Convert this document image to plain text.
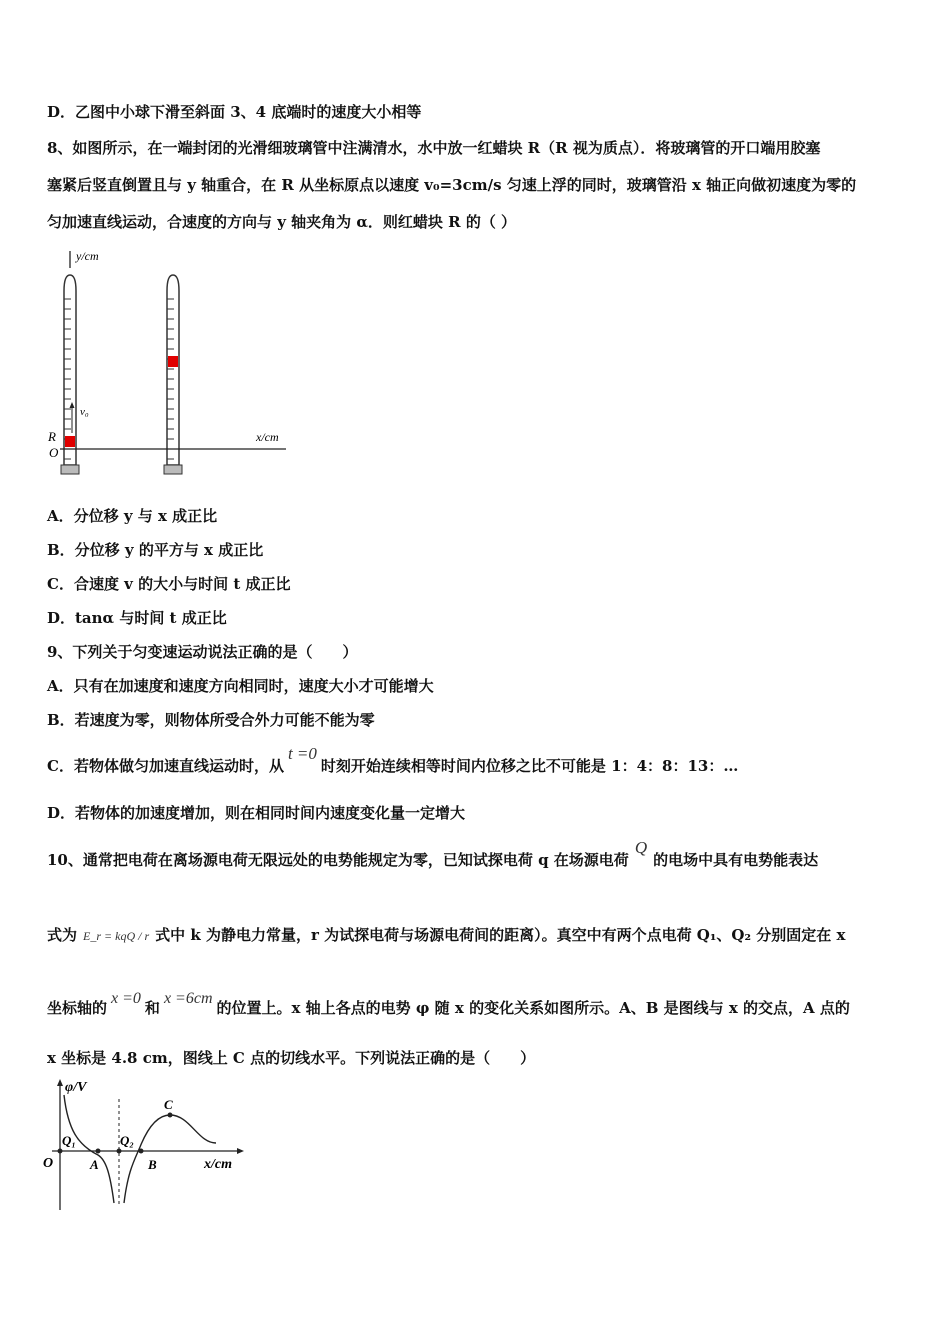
D．乙图中小球下滑至斜面 3、4 底端时的速度大小相等
8、如图所示，在一端封闭的光滑细玻璃管中注满清水，水中放一红蜡块 R（R 视为质点）．将玻璃管的开口端用胶塞
塞紧后竖直倒置且与 y 轴重合，在 R 从坐标原点以速度 v₀=3cm/s 匀速上浮的同时，玻璃管沿 x 轴正向做初速度为零的
匀加速直线运动，合速度的方向与 y 轴夹角为 α．则红蜡块 R 的（ ）
y/cm
v₀
R
O
x/cm
A．分位移 y 与 x 成正比
B．分位移 y 的平方与 x 成正比
C．合速度 v 的大小与时间 t 成正比
D．tanα 与时间 t 成正比
9、下列关于匀变速运动说法正确的是（　　）
A．只有在加速度和速度方向相同时，速度大小才可能增大
B．若速度为零，则物体所受合外力可能不能为零
C．若物体做匀加速直线运动时，从t =0时刻开始连续相等时间内位移之比不可能是 1：4：8：13：…
D．若物体的加速度增加，则在相同时间内速度变化量一定增大
10、通常把电荷在离场源电荷无限远处的电势能规定为零，已知试探电荷 q 在场源电荷Q的电场中具有电势能表达
式为 E_r = kqQ / r 式中 k 为静电力常量，r 为试探电荷与场源电荷间的距离）。真空中有两个点电荷 Q₁、Q₂ 分别固定在 x
坐标轴的x =0和x =6cm的位置上。x 轴上各点的电势 φ 随 x 的变化关系如图所示。A、B 是图线与 x 的交点，A 点的
x 坐标是 4.8 cm，图线上 C 点的切线水平。下列说法正确的是（　　）
φ/V
x/cm
O
Q₁	Q₂
A	B
C
